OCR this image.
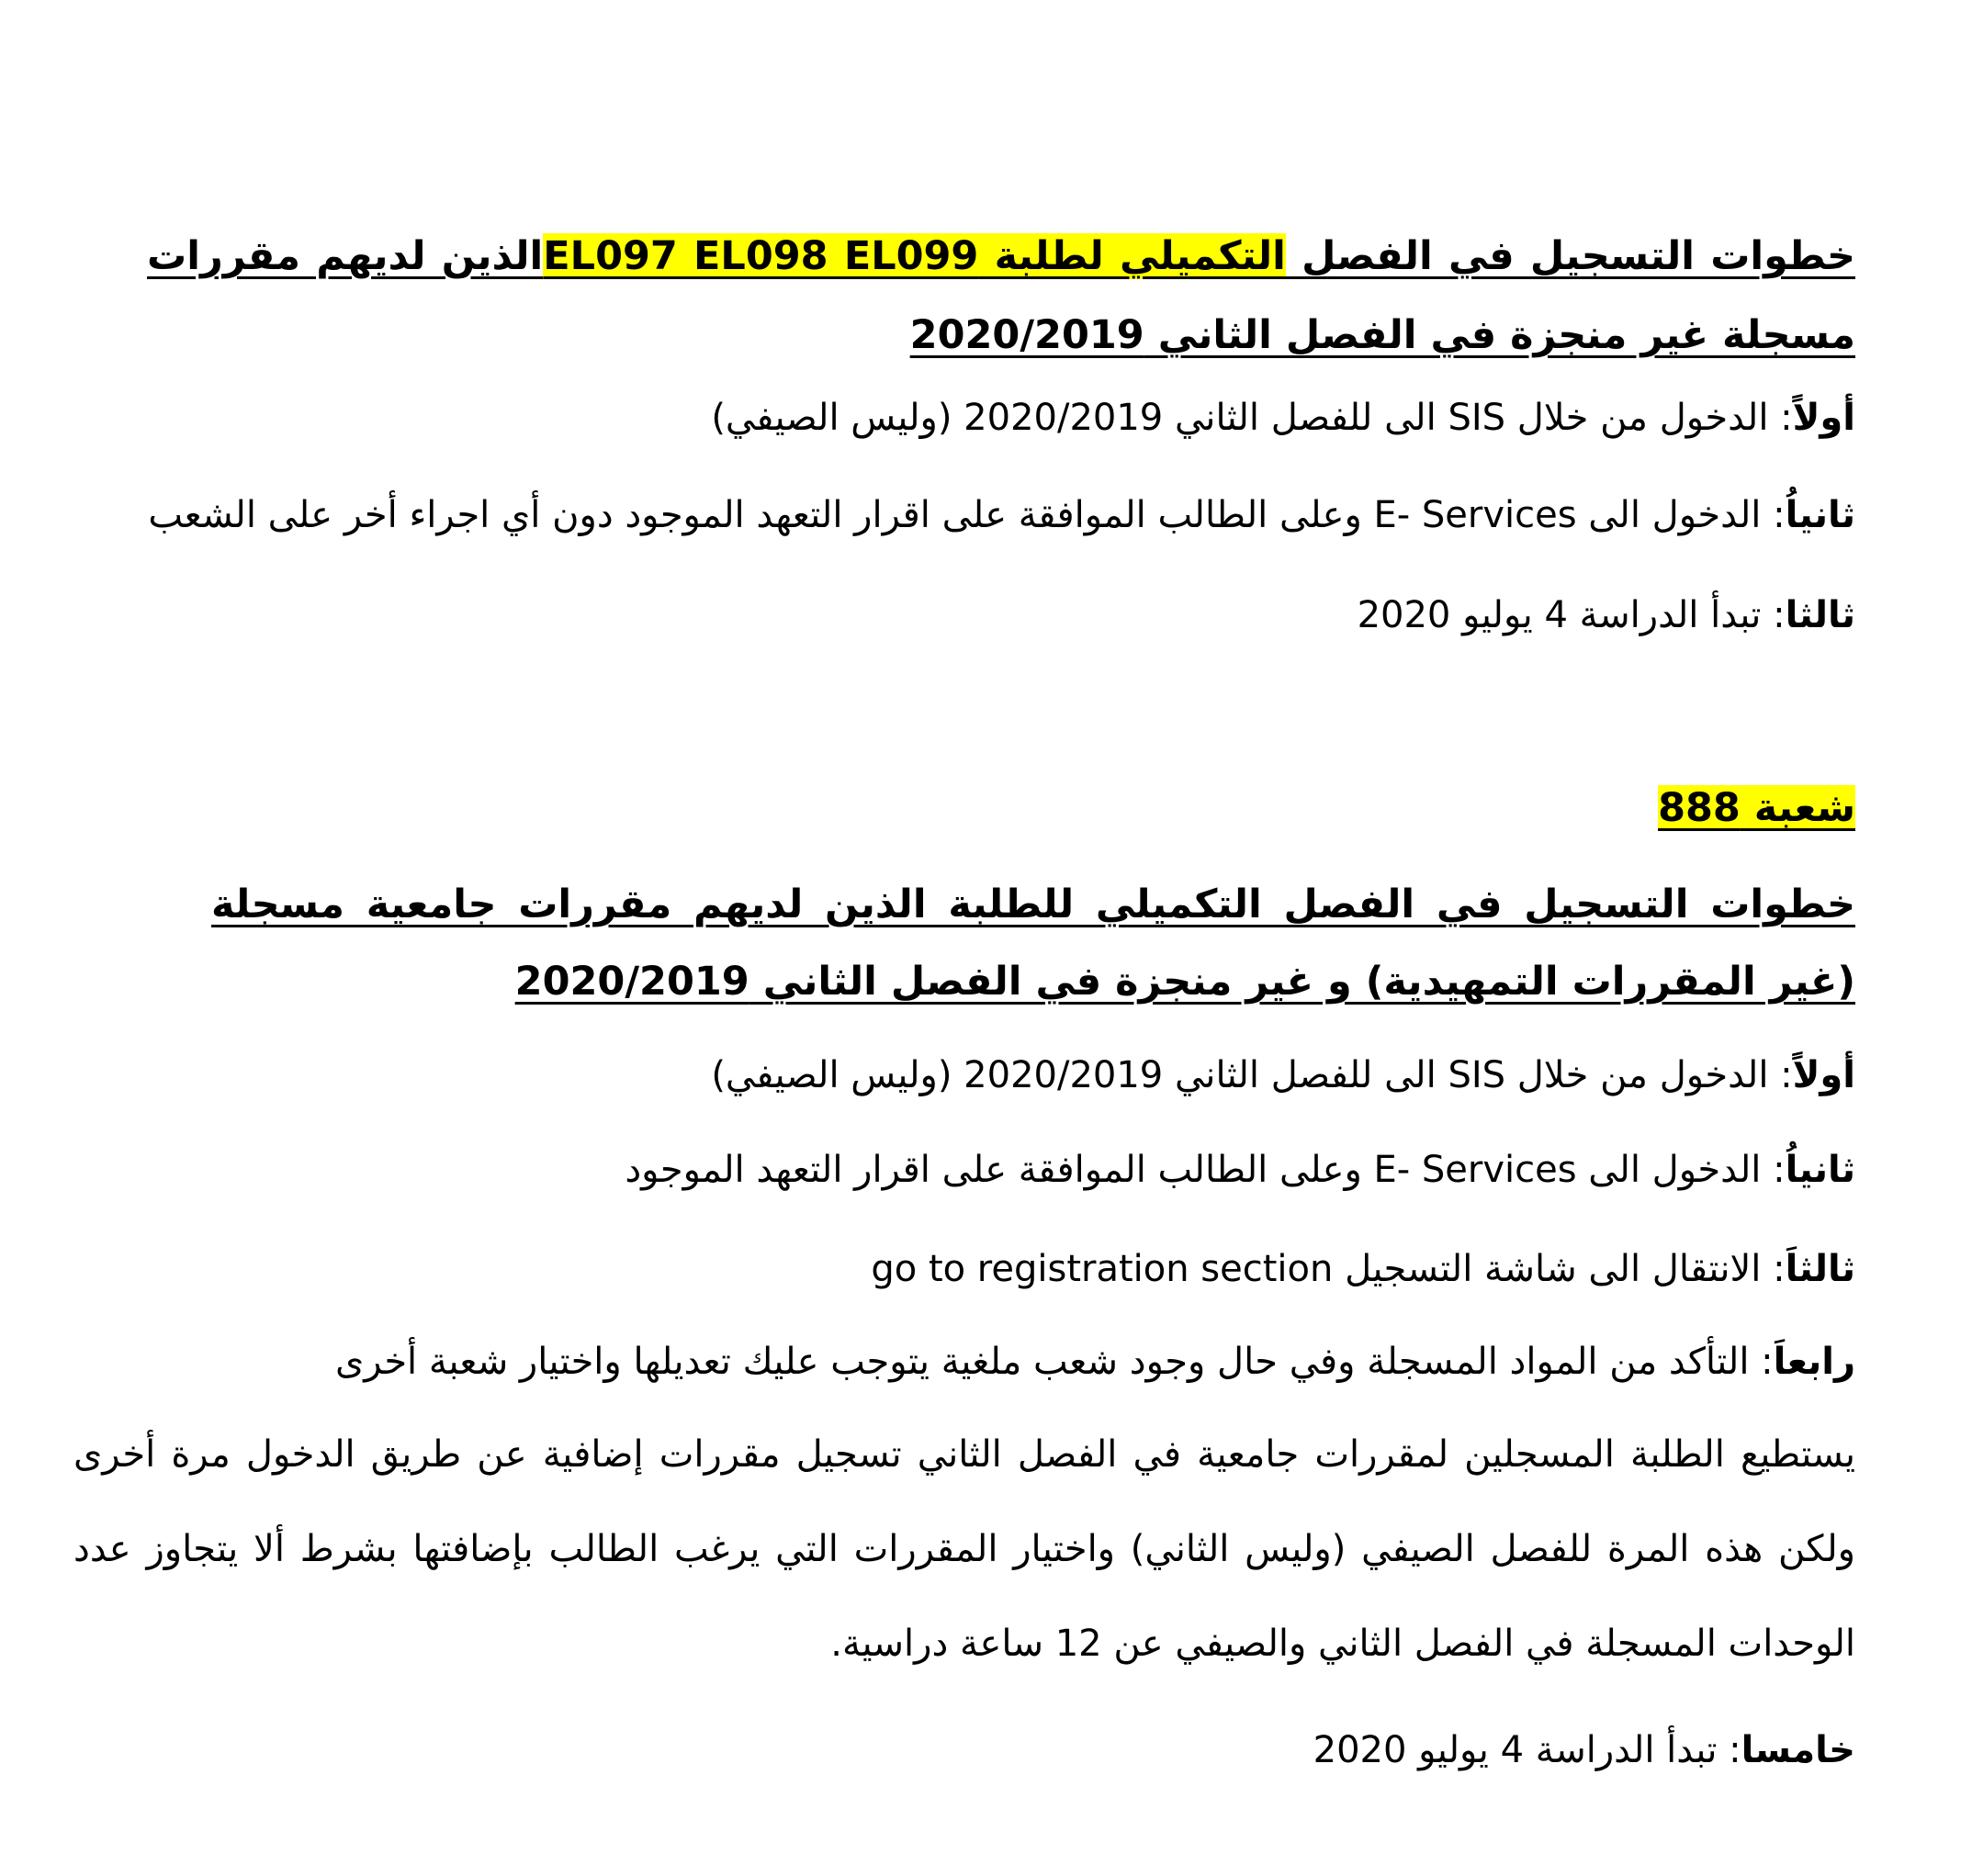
خطوات التسجيل في الفصل التكميلي لطلبة EL097 EL098 EL099الذين لديهم مقررات مسجلة غير منجزة في الفصل الثاني 2020/2019
أولاً: الدخول من خلال SIS الى للفصل الثاني 2020/2019 (وليس الصيفي)
ثانياُ: الدخول الى E- Services وعلى الطالب الموافقة على اقرار التعهد الموجود دون أي اجراء أخر على الشعب
ثالثا: تبدأ الدراسة 4 يوليو 2020
شعبة 888
خطوات التسجيل في الفصل التكميلي للطلبة الذين لديهم مقررات جامعية مسجلة (غير المقررات التمهيدية) و غير منجزة في الفصل الثاني 2020/2019
أولاً: الدخول من خلال SIS الى للفصل الثاني 2020/2019 (وليس الصيفي)
ثانياُ: الدخول الى E- Services وعلى الطالب الموافقة على اقرار التعهد الموجود
ثالثاَ: الانتقال الى شاشة التسجيل go to registration section
رابعاَ: التأكد من المواد المسجلة وفي حال وجود شعب ملغية يتوجب عليك تعديلها واختيار شعبة أخرى
يستطيع الطلبة المسجلين لمقررات جامعية في الفصل الثاني تسجيل مقررات إضافية عن طريق الدخول مرة أخرى ولكن هذه المرة للفصل الصيفي (وليس الثاني) واختيار المقررات التي يرغب الطالب بإضافتها بشرط ألا يتجاوز عدد الوحدات المسجلة في الفصل الثاني والصيفي عن 12 ساعة دراسية.
خامسا: تبدأ الدراسة 4 يوليو 2020
